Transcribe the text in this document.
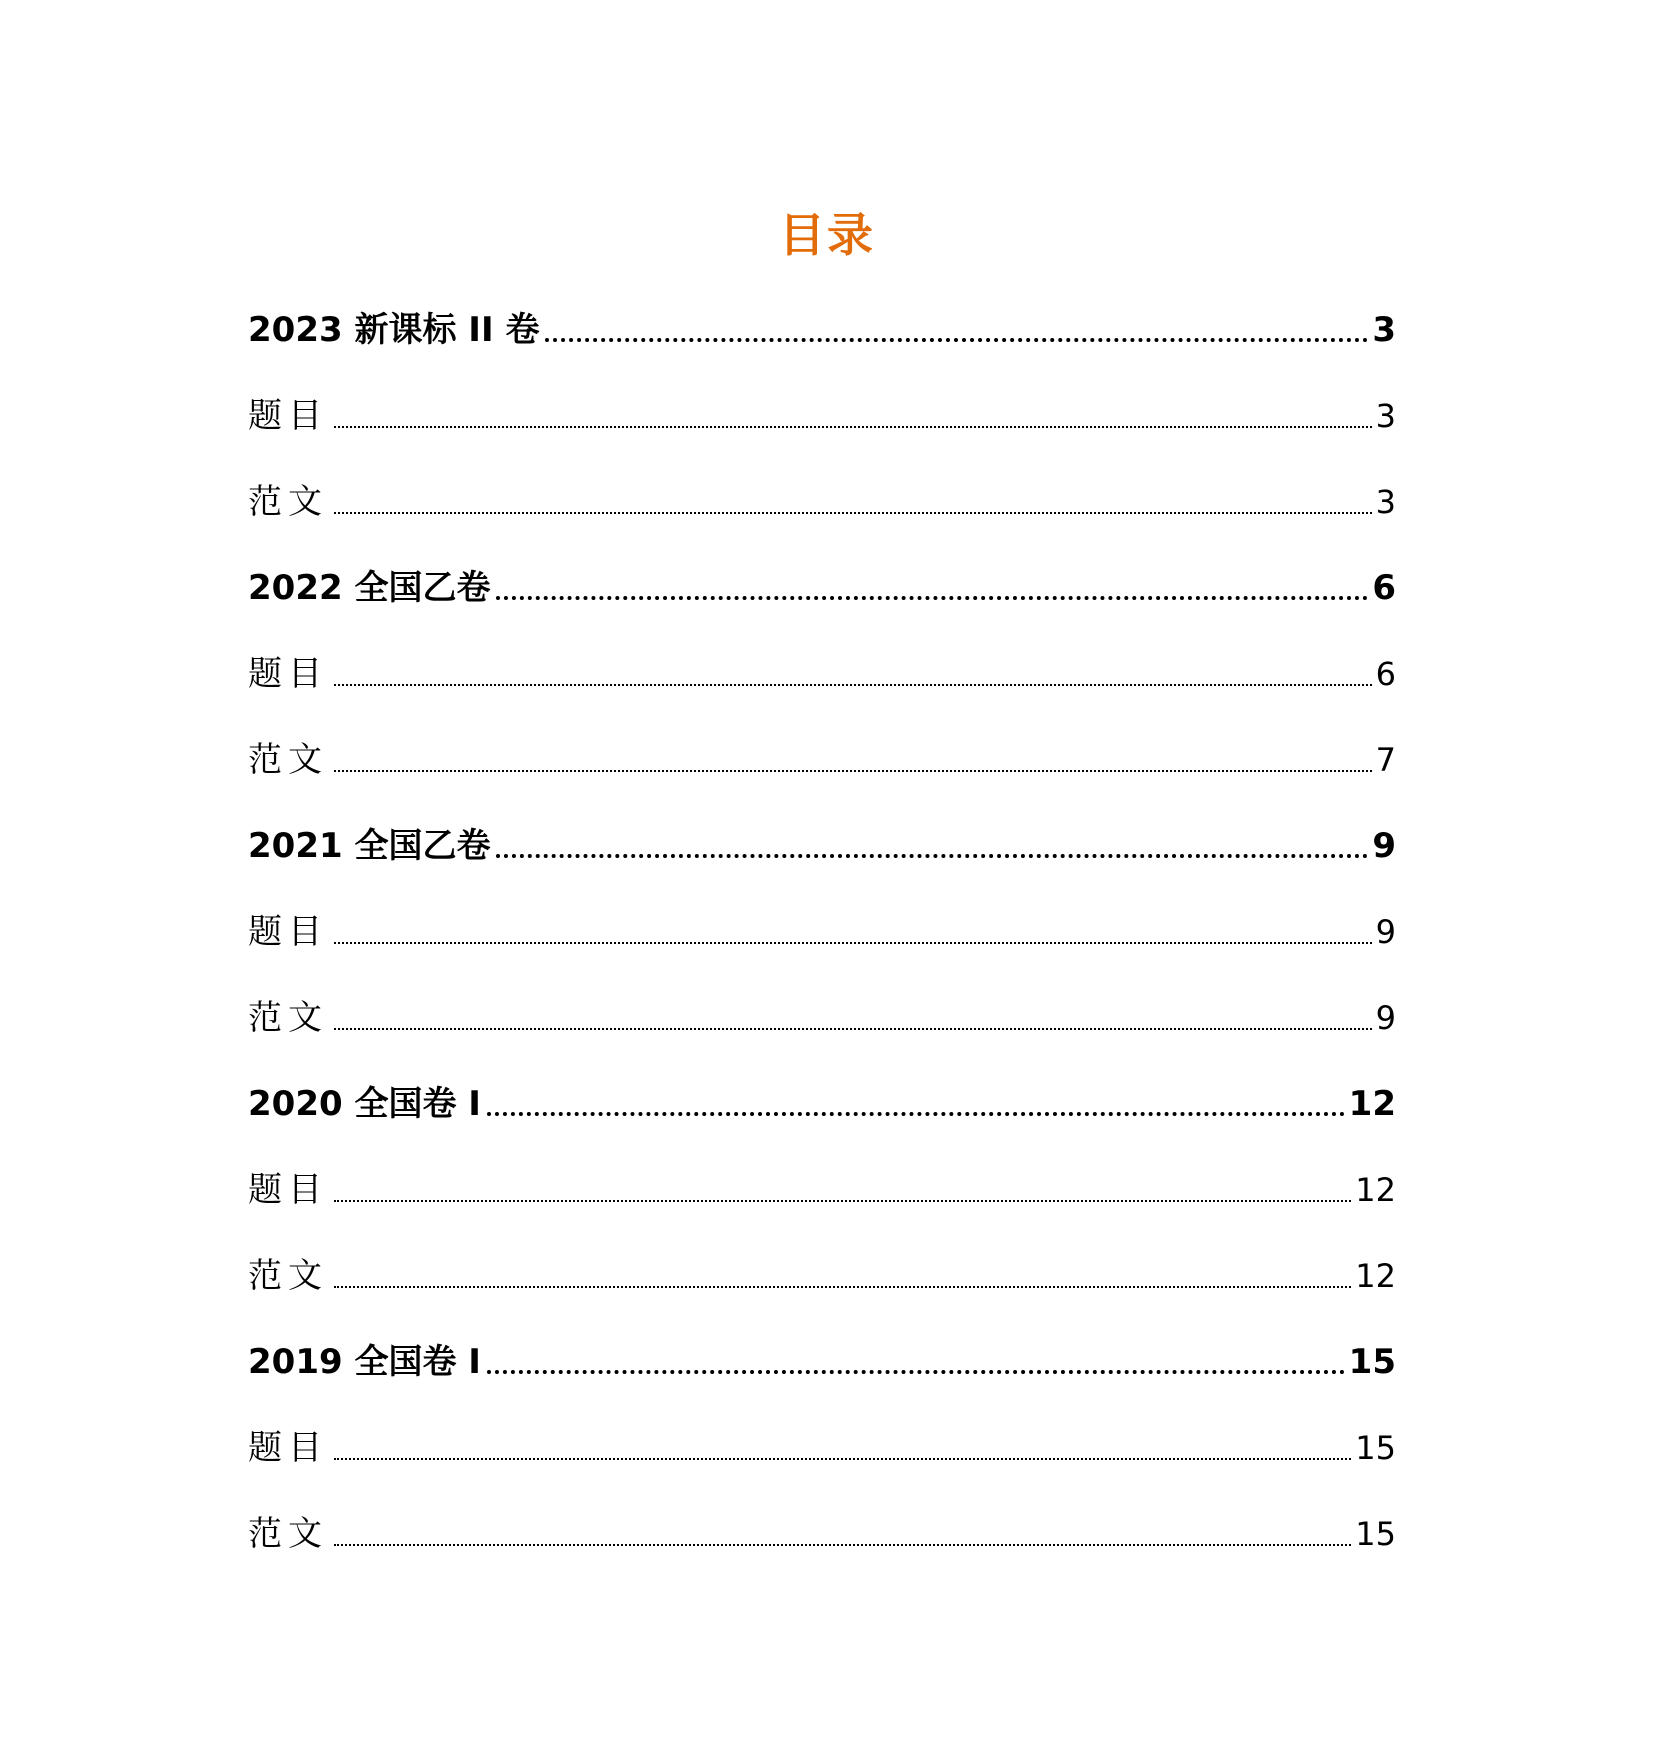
目录
2023 新课标 II 卷	3
题目	3
范文	3
2022 全国乙卷	6
题目	6
范文	7
2021 全国乙卷	9
题目	9
范文	9
2020 全国卷 I	12
题目	12
范文	12
2019 全国卷 I	15
题目	15
范文	15
